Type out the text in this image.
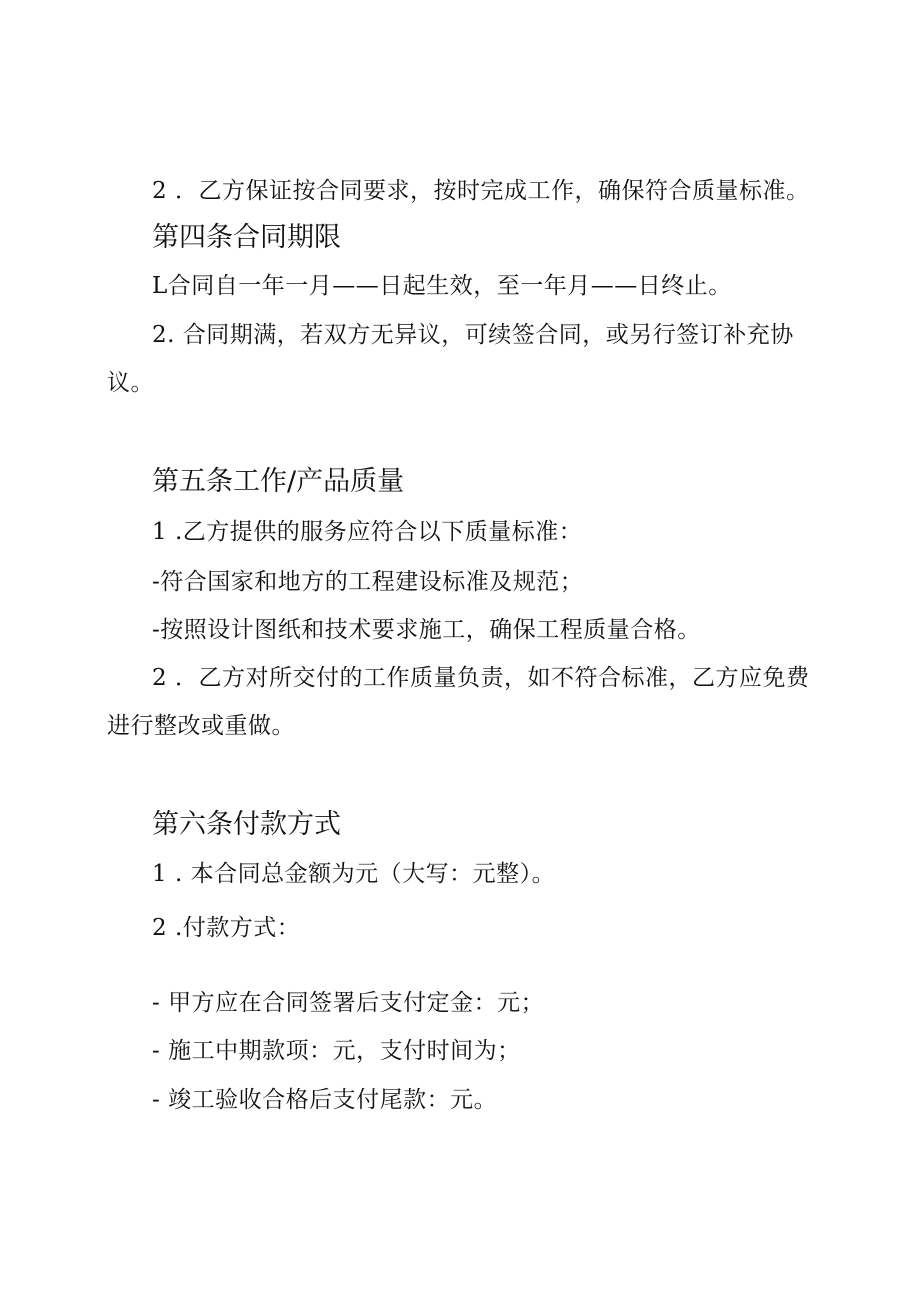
2 ．乙方保证按合同要求，按时完成工作，确保符合质量标准。
第四条合同期限
L合同自一年一月——日起生效，至一年月——日终止。
2. 合同期满，若双方无异议，可续签合同，或另行签订补充协
议。
第五条工作/产品质量
1 .乙方提供的服务应符合以下质量标准：
-符合国家和地方的工程建设标准及规范；
-按照设计图纸和技术要求施工，确保工程质量合格。
2 ．乙方对所交付的工作质量负责，如不符合标准，乙方应免费
进行整改或重做。
第六条付款方式
1 . 本合同总金额为元（大写：元整）。
2 .付款方式：
- 甲方应在合同签署后支付定金：元；
- 施工中期款项：元，支付时间为；
- 竣工验收合格后支付尾款：元。
